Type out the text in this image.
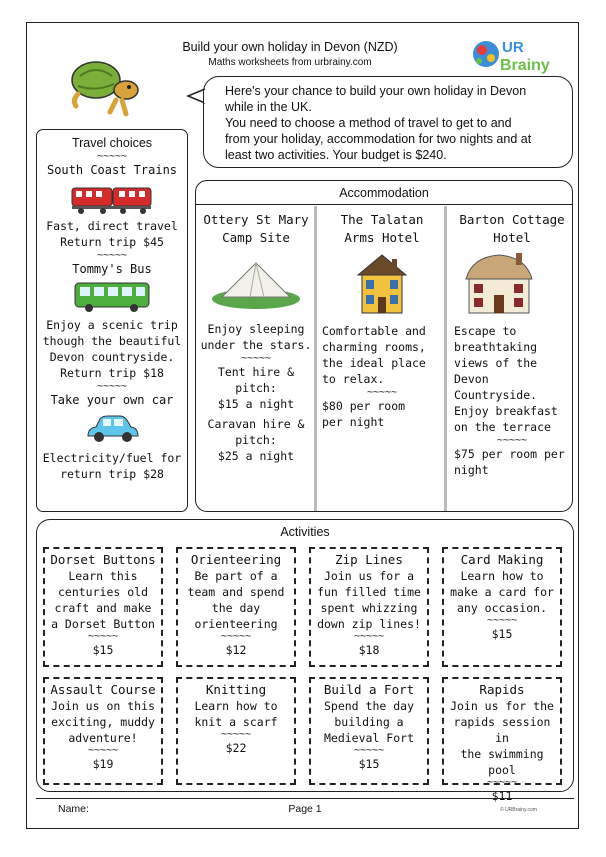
Build your own holiday in Devon (NZD)
Maths worksheets from urbrainy.com
UR
Brainy
Here's your chance to build your own holiday in Devon
while in the UK.
You need to choose a method of travel to get to and
from your holiday, accommodation for two nights and at
least two activities. Your budget is $240.
Travel choices
~~~~~
South Coast Trains
Fast, direct travel
Return trip $45
~~~~~
Tommy's Bus
Enjoy a scenic trip
though the beautiful
Devon countryside.
Return trip $18
~~~~~
Take your own car
Electricity/fuel for
return trip $28
Accommodation
Ottery St Mary
Camp Site
Enjoy sleeping
under the stars.
~~~~~
Tent hire &
pitch:
$15 a night
Caravan hire &
pitch:
$25 a night
The Talatan
Arms Hotel
Comfortable and
charming rooms,
the ideal place
to relax.
~~~~~
$80 per room
per night
Barton Cottage
Hotel
Escape to
breathtaking
views of the
Devon
Countryside.
Enjoy breakfast
on the terrace
~~~~~
$75 per room per
night
Activities
Dorset Buttons
Learn this
centuries old
craft and make
a Dorset Button
~~~~~
$15
Orienteering
Be part of a
team and spend
the day
orienteering
~~~~~
$12
Zip Lines
Join us for a
fun filled time
spent whizzing
down zip lines!
~~~~~
$18
Card Making
Learn how to
make a card for
any occasion.
~~~~~
$15
Assault Course
Join us on this
exciting, muddy
adventure!
~~~~~
$19
Knitting
Learn how to
knit a scarf
~~~~~
$22
Build a Fort
Spend the day
building a
Medieval Fort
~~~~~
$15
Rapids
Join us for the
rapids session in
the swimming pool
~~~~~
$11
Name:	Page 1	© URBrainy.com
